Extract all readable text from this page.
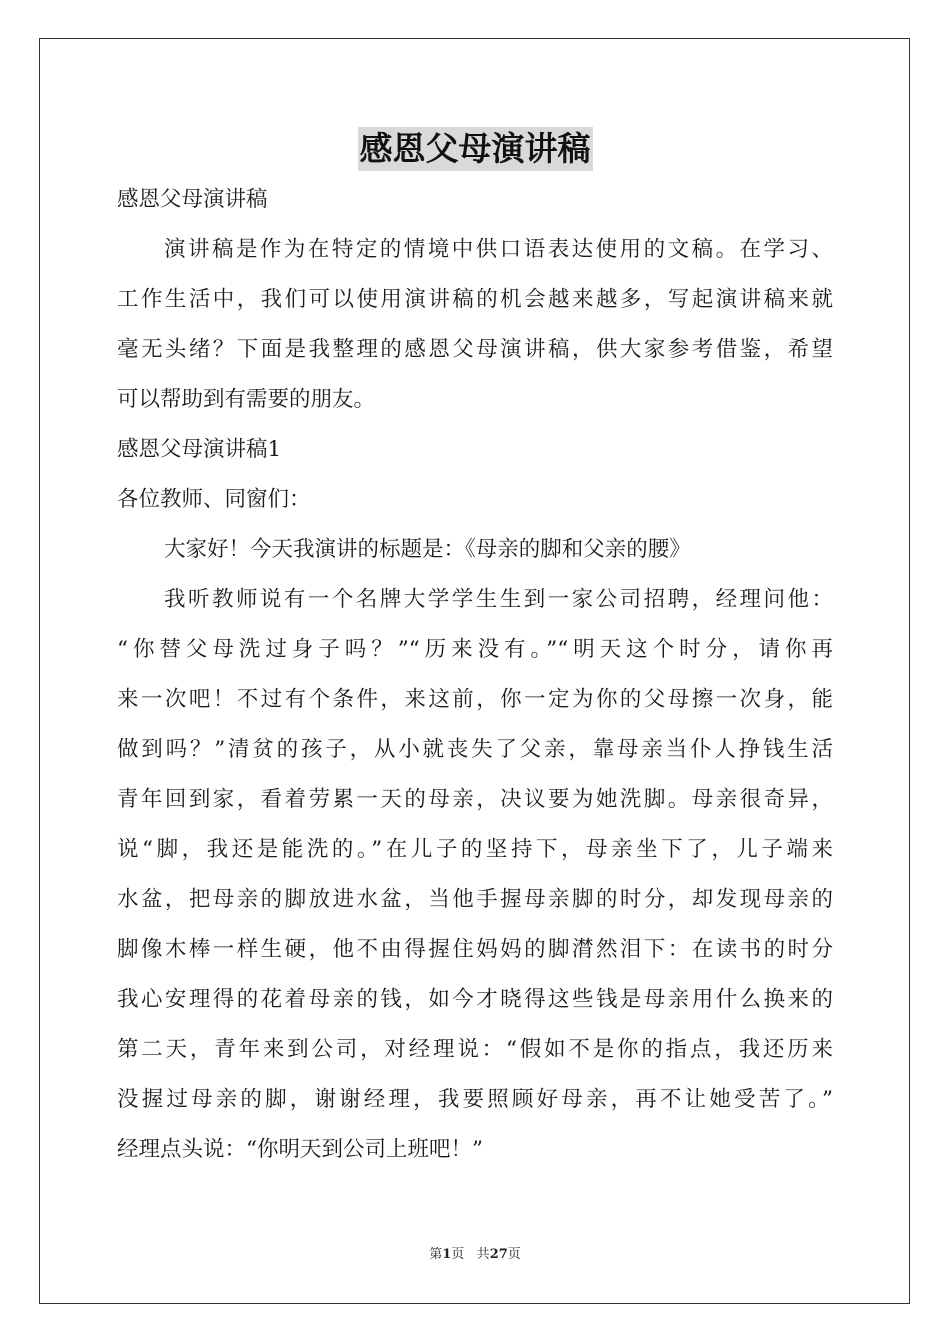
感恩父母演讲稿
感恩父母演讲稿
演讲稿是作为在特定的情境中供口语表达使用的文稿。在学习、
工作生活中，我们可以使用演讲稿的机会越来越多，写起演讲稿来就
毫无头绪？下面是我整理的感恩父母演讲稿，供大家参考借鉴，希望
可以帮助到有需要的朋友。
感恩父母演讲稿1
各位教师、同窗们：
大家好！今天我演讲的标题是：《母亲的脚和父亲的腰》
我听教师说有一个名牌大学学生生到一家公司招聘，经理问他：
“你替父母洗过身子吗？”“历来没有。”“明天这个时分，请你再
来一次吧！不过有个条件，来这前，你一定为你的父母擦一次身，能
做到吗？”清贫的孩子，从小就丧失了父亲，靠母亲当仆人挣钱生活
青年回到家，看着劳累一天的母亲，决议要为她洗脚。母亲很奇异，
说“脚，我还是能洗的。”在儿子的坚持下，母亲坐下了，儿子端来
水盆，把母亲的脚放进水盆，当他手握母亲脚的时分，却发现母亲的
脚像木棒一样生硬，他不由得握住妈妈的脚潸然泪下：在读书的时分
我心安理得的花着母亲的钱，如今才晓得这些钱是母亲用什么换来的
第二天，青年来到公司，对经理说：“假如不是你的指点，我还历来
没握过母亲的脚，谢谢经理，我要照顾好母亲，再不让她受苦了。”
经理点头说：“你明天到公司上班吧！”
第1页 共27页
